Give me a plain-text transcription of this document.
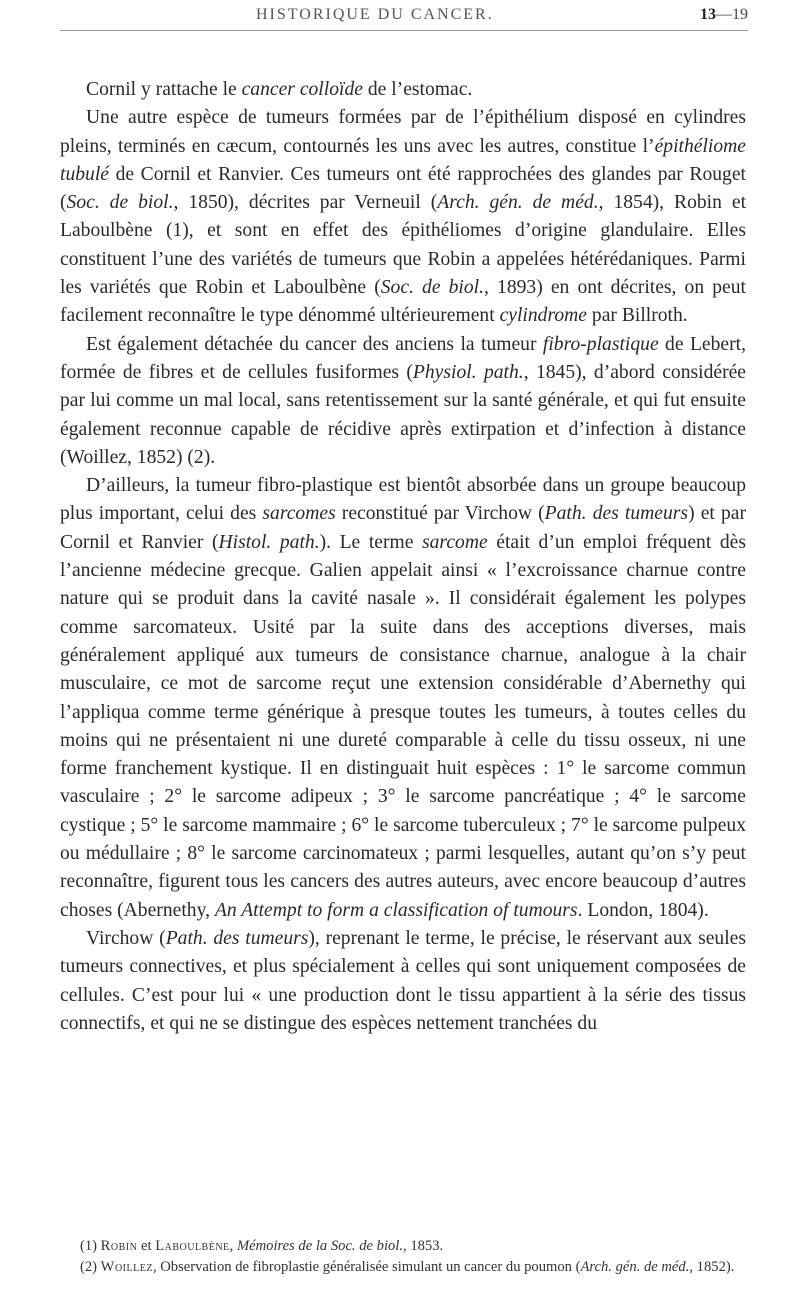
HISTORIQUE DU CANCER.	13—19

Cornil y rattache le cancer colloïde de l’estomac.

Une autre espèce de tumeurs formées par de l’épithélium disposé en cylindres pleins, terminés en cæcum, contournés les uns avec les autres, constitue l’épithéliome tubulé de Cornil et Ranvier. Ces tumeurs ont été rapprochées des glandes par Rouget (Soc. de biol., 1850), décrites par Verneuil (Arch. gén. de méd., 1854), Robin et Laboulbène (1), et sont en effet des épithéliomes d’origine glandulaire. Elles constituent l’une des variétés de tumeurs que Robin a appelées hétérédaniques. Parmi les variétés que Robin et Laboulbène (Soc. de biol., 1893) en ont décrites, on peut facilement reconnaître le type dénommé ultérieurement cylindrome par Billroth.

Est également détachée du cancer des anciens la tumeur fibro-plastique de Lebert, formée de fibres et de cellules fusiformes (Physiol. path., 1845), d’abord considérée par lui comme un mal local, sans retentissement sur la santé générale, et qui fut ensuite également reconnue capable de récidive après extirpation et d’infection à distance (Woillez, 1852) (2).

D’ailleurs, la tumeur fibro-plastique est bientôt absorbée dans un groupe beaucoup plus important, celui des sarcomes reconstitué par Virchow (Path. des tumeurs) et par Cornil et Ranvier (Histol. path.). Le terme sarcome était d’un emploi fréquent dès l’ancienne médecine grecque. Galien appelait ainsi « l’excroissance charnue contre nature qui se produit dans la cavité nasale ». Il considérait également les polypes comme sarcomateux. Usité par la suite dans des acceptions diverses, mais généralement appliqué aux tumeurs de consistance charnue, analogue à la chair musculaire, ce mot de sarcome reçut une extension considérable d’Abernethy qui l’appliqua comme terme générique à presque toutes les tumeurs, à toutes celles du moins qui ne présentaient ni une dureté comparable à celle du tissu osseux, ni une forme franchement kystique. Il en distinguait huit espèces : 1° le sarcome commun vasculaire ; 2° le sarcome adipeux ; 3° le sarcome pancréatique ; 4° le sarcome cystique ; 5° le sarcome mammaire ; 6° le sarcome tuberculeux ; 7° le sarcome pulpeux ou médullaire ; 8° le sarcome carcinomateux ; parmi lesquelles, autant qu’on s’y peut reconnaître, figurent tous les cancers des autres auteurs, avec encore beaucoup d’autres choses (Abernethy, An Attempt to form a classification of tumours. London, 1804).

Virchow (Path. des tumeurs), reprenant le terme, le précise, le réservant aux seules tumeurs connectives, et plus spécialement à celles qui sont uniquement composées de cellules. C’est pour lui « une production dont le tissu appartient à la série des tissus connectifs, et qui ne se distingue des espèces nettement tranchées du

(1) Robin et Laboulbène, Mémoires de la Soc. de biol., 1853.

(2) Woillez, Observation de fibroplastie généralisée simulant un cancer du poumon (Arch. gén. de méd., 1852).
